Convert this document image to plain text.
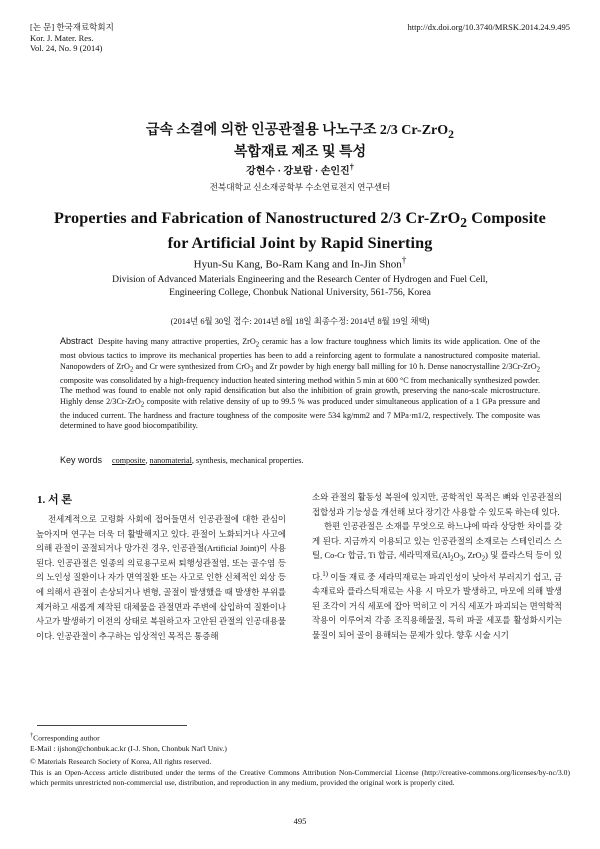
[논 문] 한국재료학회지
Kor. J. Mater. Res.
Vol. 24, No. 9 (2014)
http://dx.doi.org/10.3740/MRSK.2014.24.9.495
급속 소결에 의한 인공관절용 나노구조 2/3 Cr-ZrO$_2$
복합재료 제조 및 특성
강현수 · 강보람 · 손인진†
전북대학교 신소재공학부 수소연료전지 연구센터
Properties and Fabrication of Nanostructured 2/3 Cr-ZrO$_2$ Composite
for Artificial Joint by Rapid Sinerting
Hyun-Su Kang, Bo-Ram Kang and In-Jin Shon†
Division of Advanced Materials Engineering and the Research Center of Hydrogen and Fuel Cell,
Engineering College, Chonbuk National University, 561-756, Korea
(2014년 6월 30일 접수: 2014년 8월 18일 최종수정: 2014년 8월 19일 채택)
Abstract Despite having many attractive properties, ZrO$_2$ ceramic has a low fracture toughness which limits its wide application. One of the most obvious tactics to improve its mechanical properties has been to add a reinforcing agent to formulate a nanostructured composite material. Nanopowders of ZrO$_2$ and Cr were synthesized from CrO$_3$ and Zr powder by high energy ball milling for 10 h. Dense nanocrystalline 2/3Cr-ZrO$_2$ composite was consolidated by a high-frequency induction heated sintering method within 5 min at 600 °C from mechanically synthesized powder. The method was found to enable not only rapid densification but also the inhibition of grain growth, preserving the nano-scale microstructure. Highly dense 2/3Cr-ZrO$_2$ composite with relative density of up to 99.5 % was produced under simultaneous application of a 1 GPa pressure and the induced current. The hardness and fracture toughness of the composite were 534 kg/mm2 and 7 MPa·m1/2, respectively. The composite was determined to have good biocompatibility.
Key words composite, nanomaterial, synthesis, mechanical properties.
1. 서 론

전세계적으로 고령화 사회에 접어들면서 인공관절에 대한 관심이 높아지며 연구는 더욱 더 활발해지고 있다. 관절이 노화되거나 사고에 의해 관절이 골절되거나 망가진 경우, 인공관절(Artificial Joint)이 사용된다. 인공관절은 일종의 의료용구로써 퇴행성관절염, 또는 골수염 등의 노인성 질환이나 자가 면역질환 또는 사고로 인한 신체적인 외상 등에 의해서 관절이 손상되거나 변형, 골절이 발생했을 때 발생한 부위를 제거하고 새롭게 제작된 대체물을 관절면과 주변에 삽입하여 질환이나 사고가 발생하기 이전의 상태로 복원하고자 고안된 관절의 인공대용물이다. 인공관절이 추구하는 임상적인 목적은 통증해

소와 관절의 활동성 복원에 있지만, 공학적인 목적은 뼈와 인공관절의 접합성과 기능성을 개선해 보다 장기간 사용할 수 있도록 하는데 있다.

한편 인공관절은 소재를 무엇으로 하느냐에 따라 상당한 차이를 갖게 된다. 지금까지 이용되고 있는 인공관절의 소재로는 스테인리스 스틸, Co-Cr 합금, Ti 합금, 세라믹재료($Al_2O_3$, ZrO$_2$) 및 플라스틱 등이 있다.$^{1)}$ 이들 재료 중 세라믹재료는 파괴인성이 낮아서 부러지기 쉽고, 금속재료와 플라스틱재료는 사용 시 마모가 발생하고, 마모에 의해 발생된 조각이 거식 세포에 잡아 먹히고 이 거식 세포가 파괴되는 면역학적 작용이 이루어져 각종 조직용해물질, 특히 파골 세포를 활성화시키는 물질이 되어 골이 용해되는 문제가 있다. 향후 시술 시기

†Corresponding author

E-Mail : ijshon@chonbuk.ac.kr (I-J. Shon, Chonbuk Nat'l Univ.)

© Materials Research Society of Korea, All rights reserved.

This is an Open-Access article distributed under the terms of the Creative Commons Attribution Non-Commercial License (http://creative-commons.org/licenses/by-nc/3.0) which permits unrestricted non-commercial use, distribution, and reproduction in any medium, provided the original work is properly cited.

495
